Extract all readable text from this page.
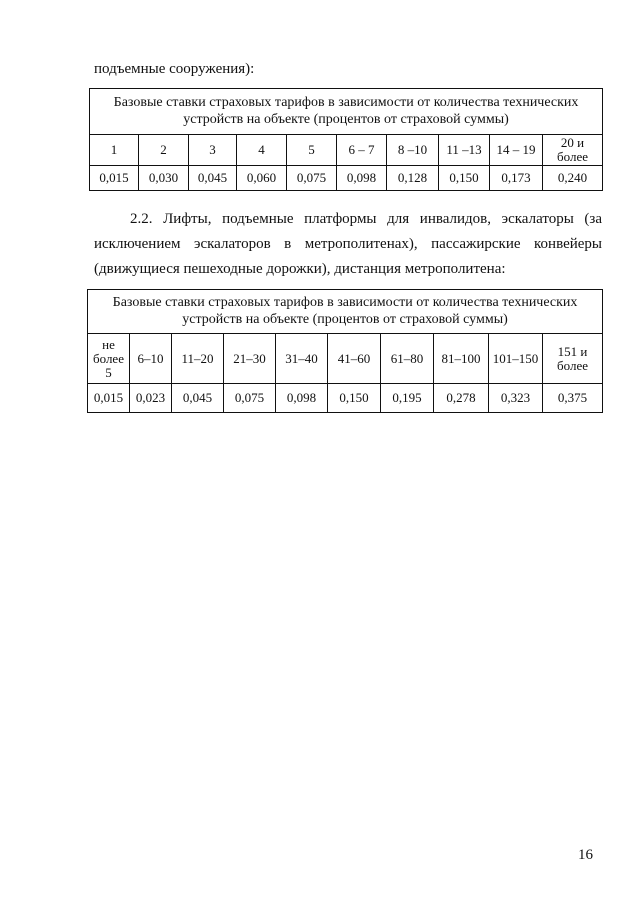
подъемные сооружения):
Базовые ставки страховых тарифов в зависимости от количества технических устройств на объекте (процентов от страховой суммы)									
1	2	3	4	5	6 – 7	8 –10	11 –13	14 – 19	20 и более
0,015	0,030	0,045	0,060	0,075	0,098	0,128	0,150	0,173	0,240

2.2. Лифты, подъемные платформы для инвалидов, эскалаторы (за исключением эскалаторов в метрополитенах), пассажирские конвейеры (движущиеся пешеходные дорожки), дистанция метрополитена:

Базовые ставки страховых тарифов в зависимости от количества технических устройств на объекте (процентов от страховой суммы)									
не более 5	6–10	11–20	21–30	31–40	41–60	61–80	81–100	101–150	151 и более
0,015	0,023	0,045	0,075	0,098	0,150	0,195	0,278	0,323	0,375
16
